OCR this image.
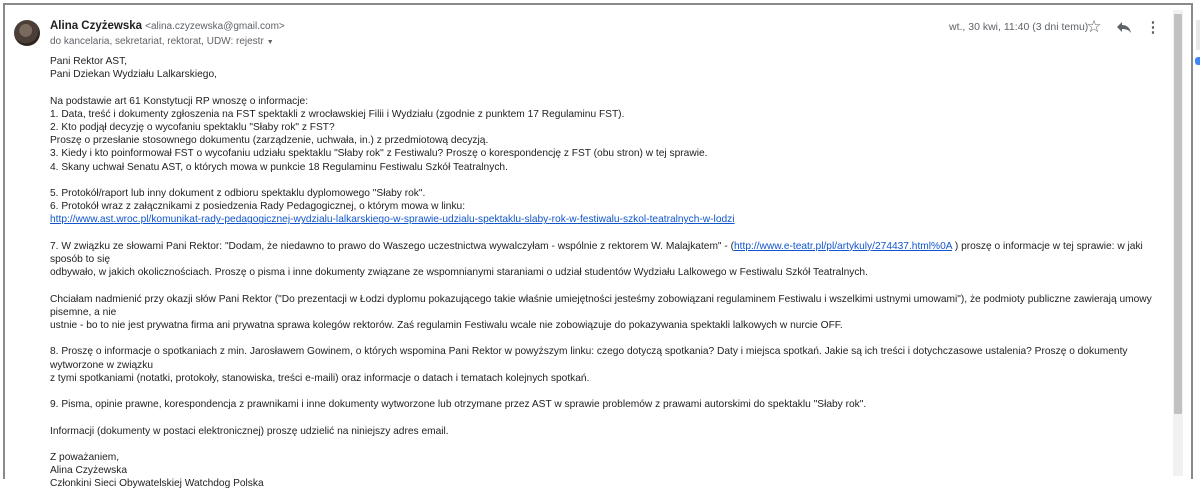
Alina Czyżewska <alina.czyzewska@gmail.com>
do kancelaria, sekretariat, rektorat, UDW: rejestr ▼
wt., 30 kwi, 11:40 (3 dni temu)
☆	⋮

Pani Rektor AST,

Pani Dziekan Wydziału Lalkarskiego,

Na podstawie art 61 Konstytucji RP wnoszę o informacje:

1. Data, treść i dokumenty zgłoszenia na FST spektakli z wrocławskiej Filii i Wydziału (zgodnie z punktem 17 Regulaminu FST).

2. Kto podjął decyzję o wycofaniu spektaklu "Słaby rok" z FST?

Proszę o przesłanie stosownego dokumentu (zarządzenie, uchwała, in.) z przedmiotową decyzją.

3. Kiedy i kto poinformował FST o wycofaniu udziału spektaklu "Słaby rok" z Festiwalu? Proszę o korespondencję z FST (obu stron) w tej sprawie.

4. Skany uchwał Senatu AST, o których mowa w punkcie 18 Regulaminu Festiwalu Szkół Teatralnych.

5. Protokół/raport lub inny dokument z odbioru spektaklu dyplomowego "Słaby rok".

6. Protokół wraz z załącznikami z posiedzenia Rady Pedagogicznej, o którym mowa w linku:

http://www.ast.wroc.pl/komunikat-rady-pedagogicznej-wydzialu-lalkarskiego-w-sprawie-udzialu-spektaklu-slaby-rok-w-festiwalu-szkol-teatralnych-w-lodzi

7. W związku ze słowami Pani Rektor: "Dodam, że niedawno to prawo do Waszego uczestnictwa wywalczyłam - wspólnie z rektorem W. Malajkatem" - (http://www.e-teatr.pl/pl/artykuly/274437.html%0A ) proszę o informacje w tej sprawie: w jaki sposób to się

odbywało, w jakich okolicznościach. Proszę o pisma i inne dokumenty związane ze wspomnianymi staraniami o udział studentów Wydziału Lalkowego w Festiwalu Szkół Teatralnych.

Chciałam nadmienić przy okazji słów Pani Rektor ("Do prezentacji w Łodzi dyplomu pokazującego takie właśnie umiejętności jesteśmy zobowiązani regulaminem Festiwalu i wszelkimi ustnymi umowami"), że podmioty publiczne zawierają umowy pisemne, a nie

ustnie - bo to nie jest prywatna firma ani prywatna sprawa kolegów rektorów. Zaś regulamin Festiwalu wcale nie zobowiązuje do pokazywania spektakli lalkowych w nurcie OFF.

8. Proszę o informacje o spotkaniach z min. Jarosławem Gowinem, o których wspomina Pani Rektor w powyższym linku: czego dotyczą spotkania? Daty i miejsca spotkań. Jakie są ich treści i dotychczasowe ustalenia? Proszę o dokumenty wytworzone w związku

z tymi spotkaniami (notatki, protokoły, stanowiska, treści e-maili) oraz informacje o datach i tematach kolejnych spotkań.

9. Pisma, opinie prawne, korespondencja z prawnikami i inne dokumenty wytworzone lub otrzymane przez AST w sprawie problemów z prawami autorskimi do spektaklu "Słaby rok".

Informacji (dokumenty w postaci elektronicznej) proszę udzielić na niniejszy adres email.

Z poważaniem,

Alina Czyżewska

Członkini Sieci Obywatelskiej Watchdog Polska
